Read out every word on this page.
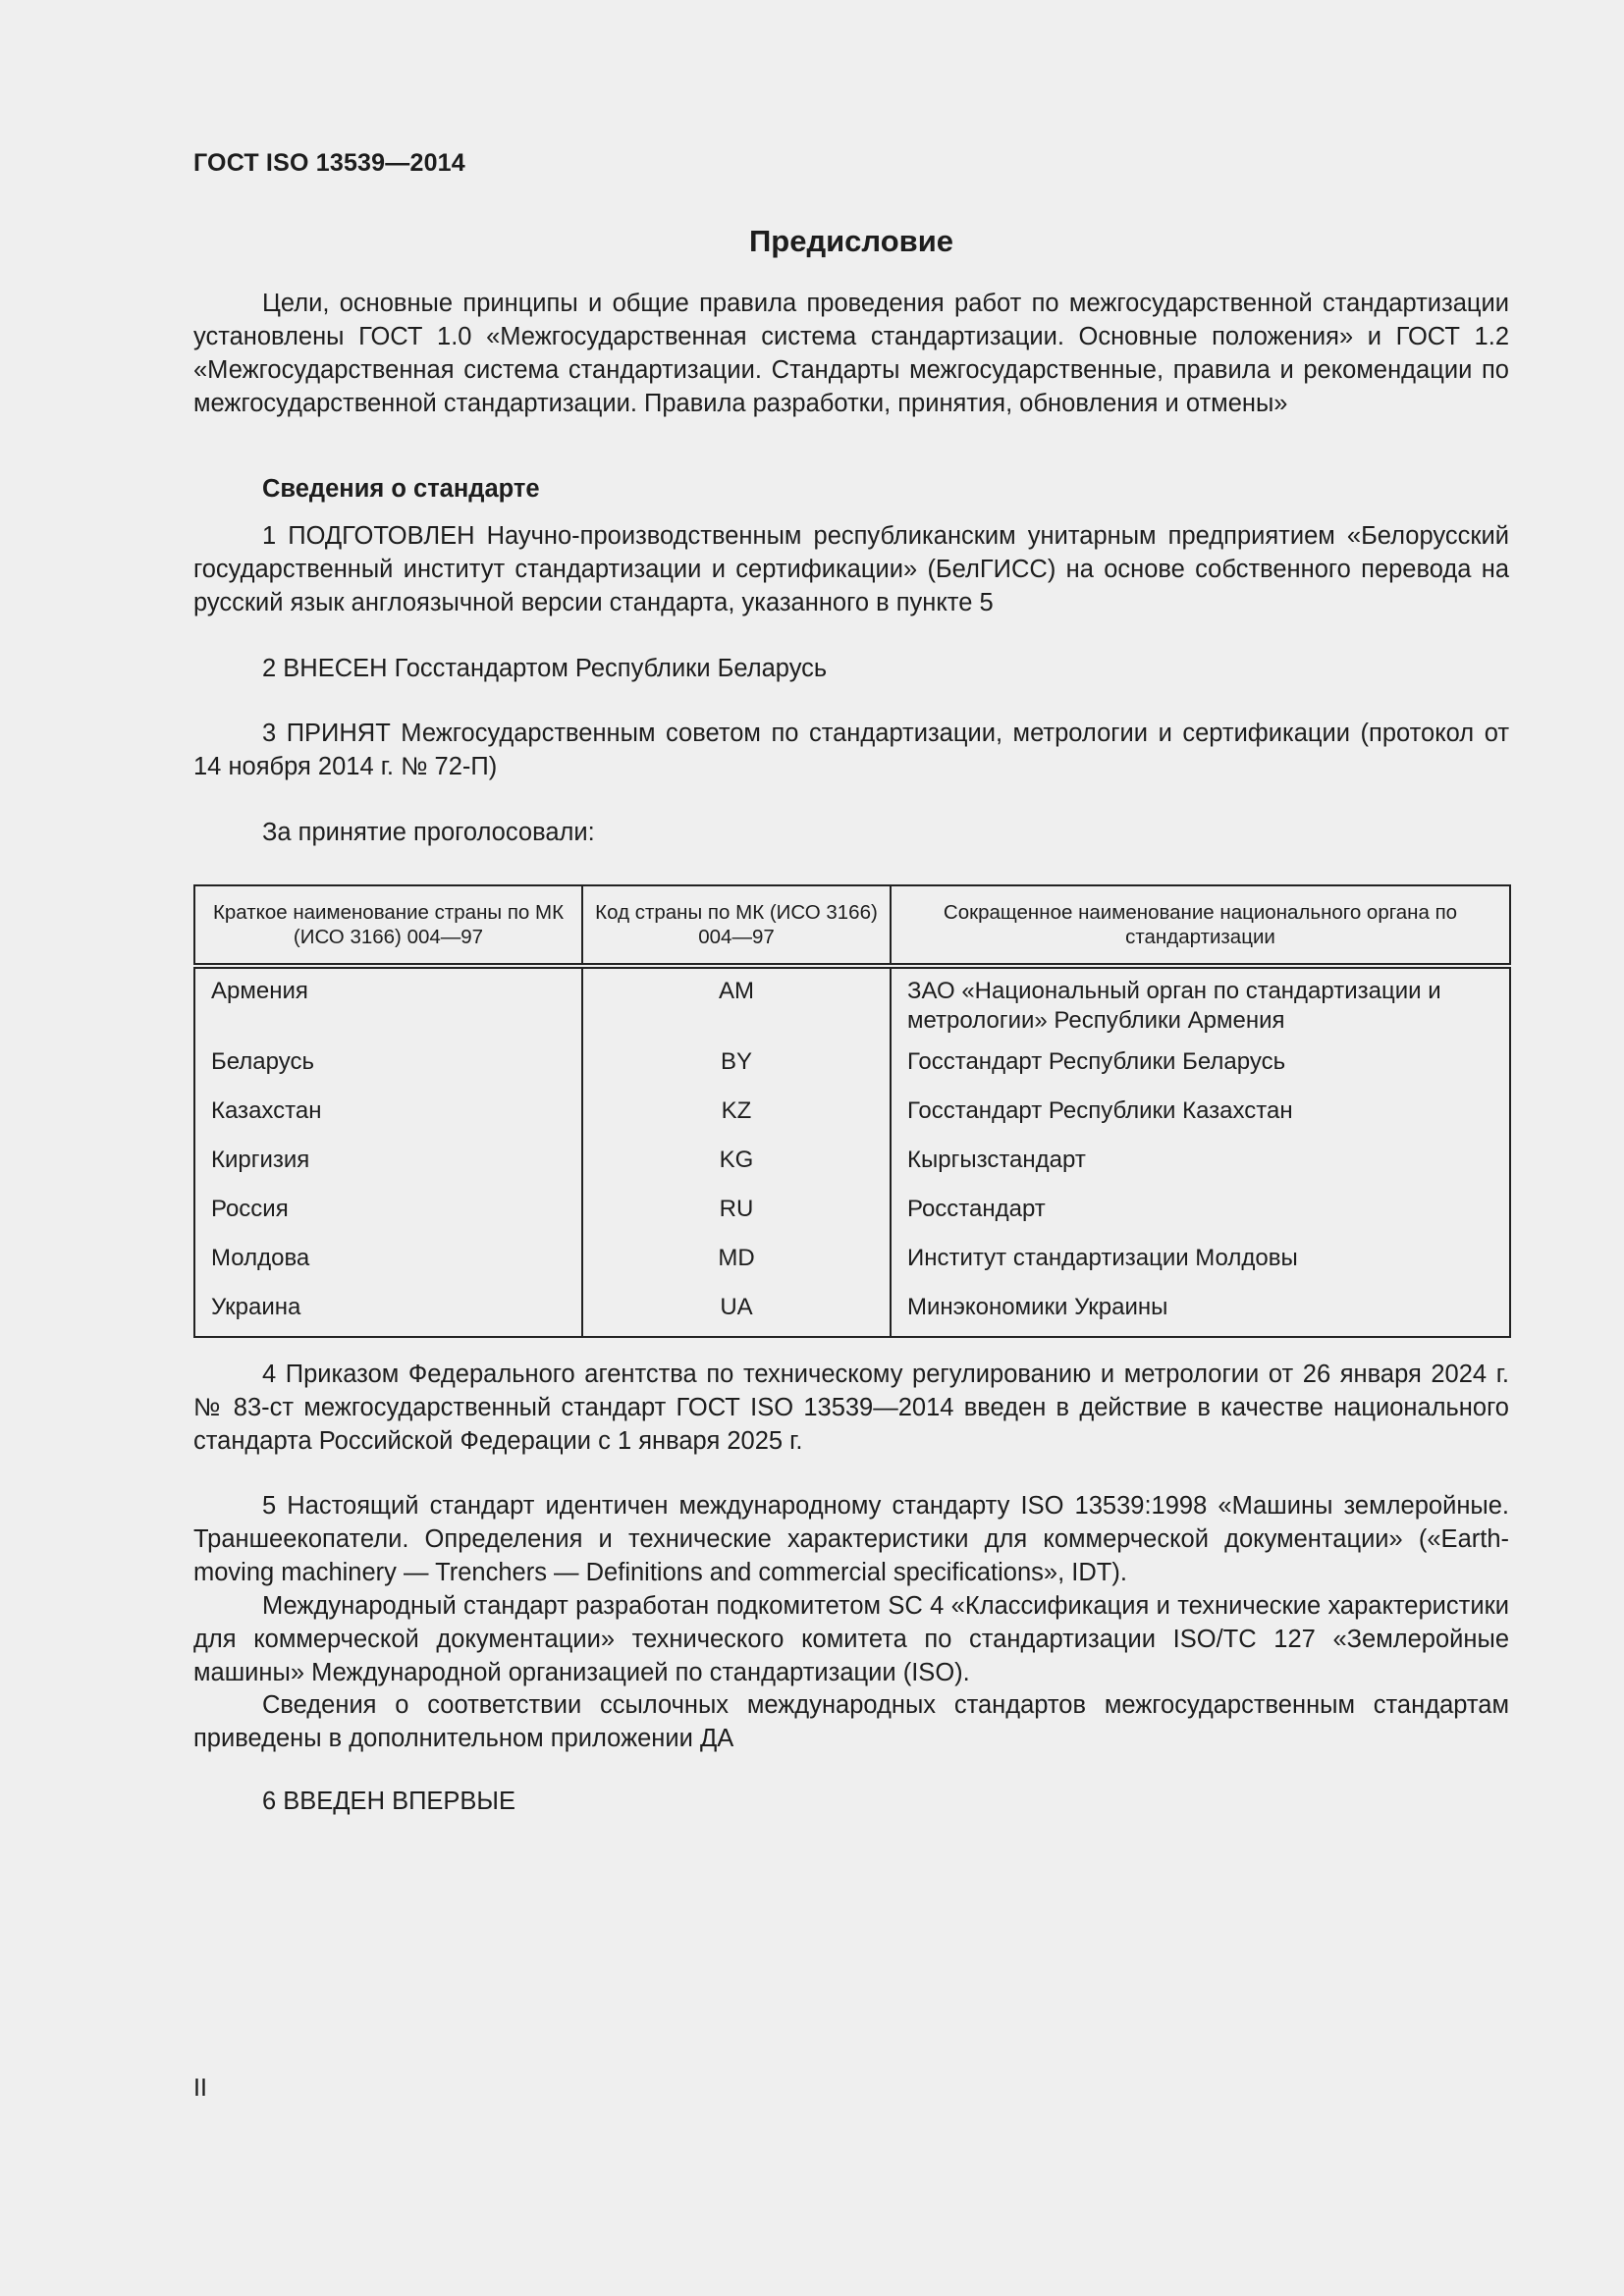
ГОСТ ISO 13539—2014
Предисловие
Цели, основные принципы и общие правила проведения работ по межгосударственной стандартизации установлены ГОСТ 1.0 «Межгосударственная система стандартизации. Основные положения» и ГОСТ 1.2 «Межгосударственная система стандартизации. Стандарты межгосударственные, правила и рекомендации по межгосударственной стандартизации. Правила разработки, принятия, обновления и отмены»
Сведения о стандарте
1 ПОДГОТОВЛЕН Научно-производственным республиканским унитарным предприятием «Белорусский государственный институт стандартизации и сертификации» (БелГИСС) на основе собственного перевода на русский язык англоязычной версии стандарта, указанного в пункте 5
2 ВНЕСЕН Госстандартом Республики Беларусь
3 ПРИНЯТ Межгосударственным советом по стандартизации, метрологии и сертификации (протокол от 14 ноября 2014 г. № 72-П)
За принятие проголосовали:
Краткое наименование страны по МК (ИСО 3166) 004—97	Код страны по МК (ИСО 3166) 004—97	Сокращенное наименование национального органа по стандартизации
Армения	AM	ЗАО «Национальный орган по стандартизации и метрологии» Республики Армения
Беларусь	BY	Госстандарт Республики Беларусь
Казахстан	KZ	Госстандарт Республики Казахстан
Киргизия	KG	Кыргызстандарт
Россия	RU	Росстандарт
Молдова	MD	Институт стандартизации Молдовы
Украина	UA	Минэкономики Украины
4 Приказом Федерального агентства по техническому регулированию и метрологии от 26 января 2024 г. № 83-ст межгосударственный стандарт ГОСТ ISO 13539—2014 введен в действие в качестве национального стандарта Российской Федерации с 1 января 2025 г.
5 Настоящий стандарт идентичен международному стандарту ISO 13539:1998 «Машины землеройные. Траншеекопатели. Определения и технические характеристики для коммерческой документации» («Earth-moving machinery — Trenchers — Definitions and commercial specifications», IDT).
Международный стандарт разработан подкомитетом SC 4 «Классификация и технические характеристики для коммерческой документации» технического комитета по стандартизации ISO/TC 127 «Землеройные машины» Международной организацией по стандартизации (ISO).
Сведения о соответствии ссылочных международных стандартов межгосударственным стандартам приведены в дополнительном приложении ДА
6 ВВЕДЕН ВПЕРВЫЕ
II
